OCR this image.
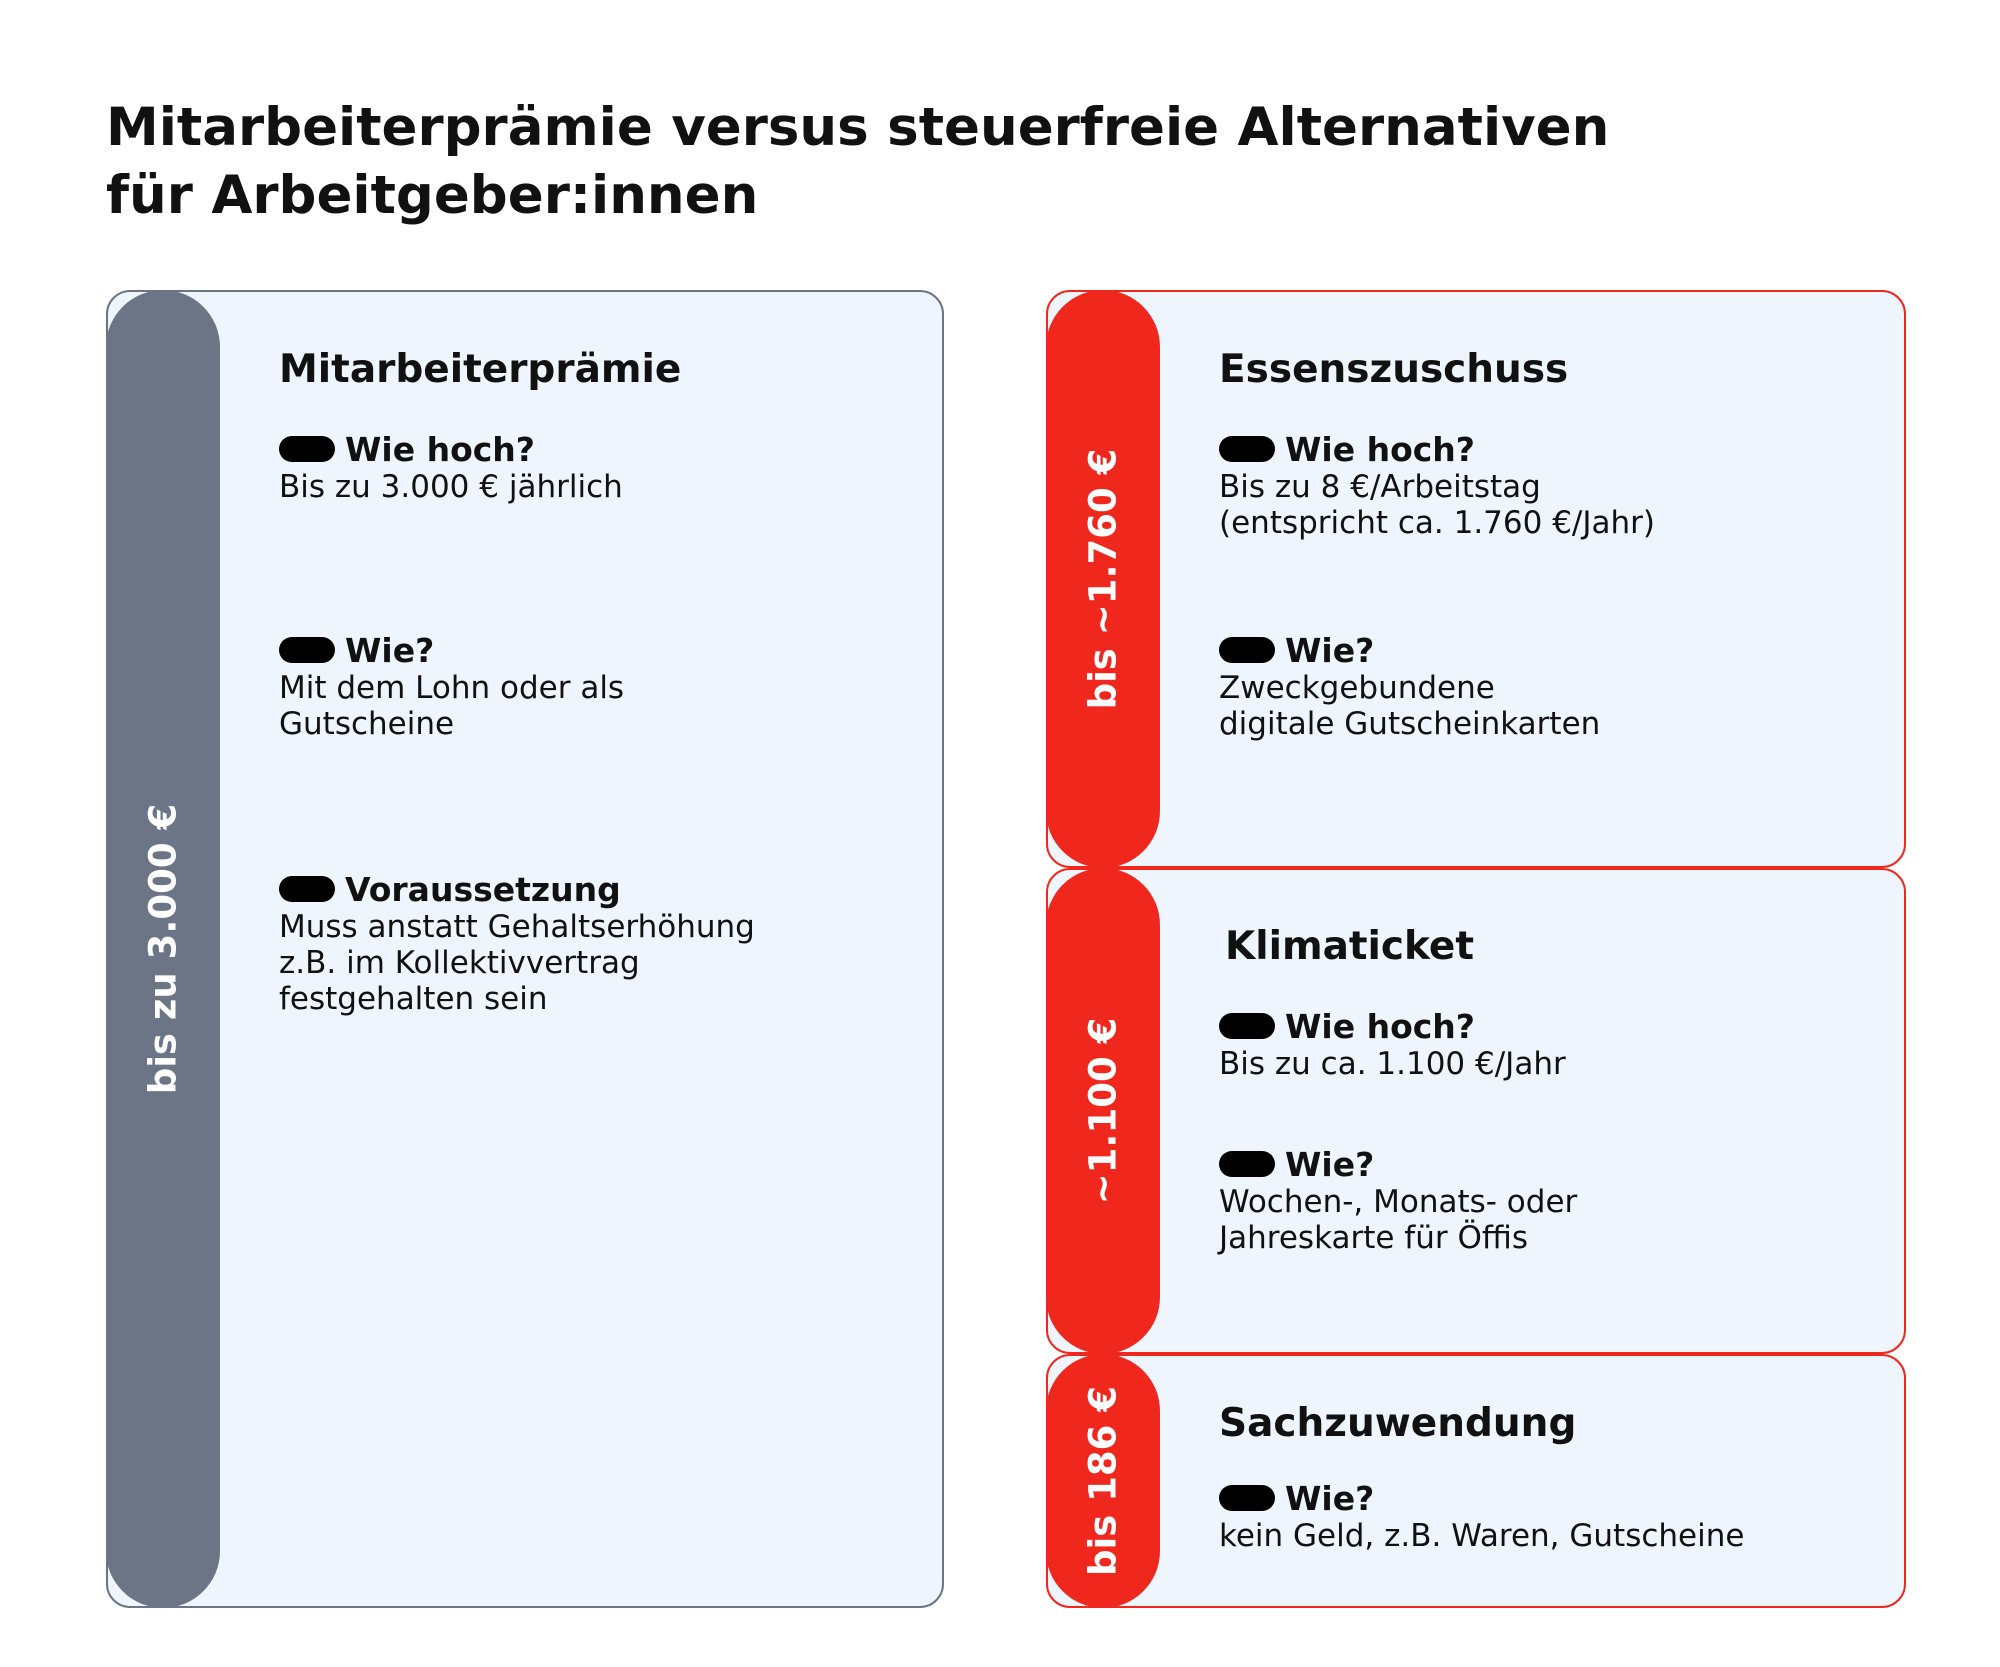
Mitarbeiterprämie versus steuerfreie Alternativen
für Arbeitgeber:innen
bis zu 3.000 €
Mitarbeiterprämie
Wie hoch?
Bis zu 3.000 € jährlich
Wie?
Mit dem Lohn oder als
Gutscheine
Voraussetzung
Muss anstatt Gehaltserhöhung
z.B. im Kollektivvertrag
festgehalten sein
bis ~1.760 €
Essenszuschuss
Wie hoch?
Bis zu 8 €/Arbeitstag
(entspricht ca. 1.760 €/Jahr)
Wie?
Zweckgebundene
digitale Gutscheinkarten
~1.100 €
Klimaticket
Wie hoch?
Bis zu ca. 1.100 €/Jahr
Wie?
Wochen-, Monats- oder
Jahreskarte für Öffis
bis 186 € Sachzuwendung
Wie?
kein Geld, z.B. Waren, Gutscheine
